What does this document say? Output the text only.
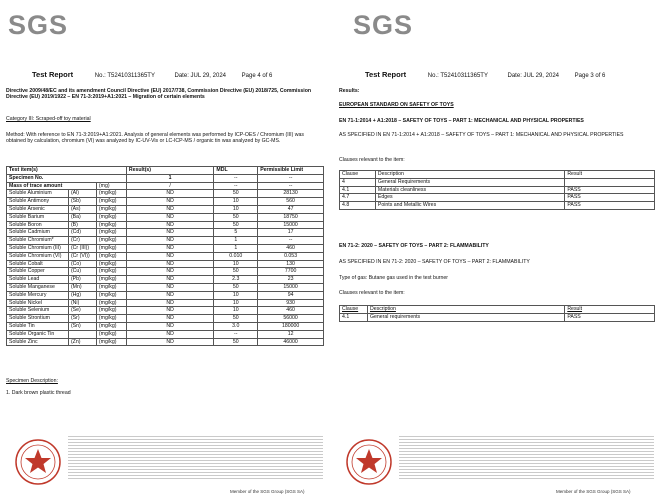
SGS
Test Report	No.: T52410311365TY	Date: JUL 29, 2024	Page 4 of 6
Directive 2009/48/EC and its amendment Council Directive (EU) 2017/738, Commission Directive (EU) 2018/725, Commission Directive (EU) 2019/1922 – EN 71-3:2019+A1:2021 – Migration of certain elements
Category III: Scraped-off toy material
Method: With reference to EN 71-3:2019+A1:2021. Analysis of general elements was performed by ICP-OES / Chromium (III) was obtained by calculation, chromium (VI) was analyzed by IC-UV-Vis or LC-ICP-MS / organic tin was analyzed by GC-MS.
Test item(s)			Result(s)	MDL	Permissible Limit
Specimen No.			1	--	--
Mass of trace amount		(mg)	/	--	--
Soluble Aluminium	(Al)	(mg/kg)	ND	50	28130
Soluble Antimony	(Sb)	(mg/kg)	ND	10	560
Soluble Arsenic	(As)	(mg/kg)	ND	10	47
Soluble Barium	(Ba)	(mg/kg)	ND	50	18750
Soluble Boron	(B)	(mg/kg)	ND	50	15000
Soluble Cadmium	(Cd)	(mg/kg)	ND	5	17
Soluble Chromium*	(Cr)	(mg/kg)	ND	1	--
Soluble Chromium (III)	(Cr (III))	(mg/kg)	ND	1	460
Soluble Chromium (VI)	(Cr (VI))	(mg/kg)	ND	0.010	0.053
Soluble Cobalt	(Co)	(mg/kg)	ND	10	130
Soluble Copper	(Cu)	(mg/kg)	ND	50	7700
Soluble Lead	(Pb)	(mg/kg)	ND	2.3	23
Soluble Manganese	(Mn)	(mg/kg)	ND	50	15000
Soluble Mercury	(Hg)	(mg/kg)	ND	10	94
Soluble Nickel	(Ni)	(mg/kg)	ND	10	930
Soluble Selenium	(Se)	(mg/kg)	ND	10	460
Soluble Strontium	(Sr)	(mg/kg)	ND	50	56000
Soluble Tin	(Sn)	(mg/kg)	ND	3.0	180000
Soluble Organic Tin		(mg/kg)	ND	--	12
Soluble Zinc	(Zn)	(mg/kg)	ND	50	46000
Specimen Description:
1. Dark brown plastic thread
Member of the SGS Group (SGS SA)
SGS
Test Report	No.: T52410311365TY	Date: JUL 29, 2024	Page 3 of 6
Results:
EUROPEAN STANDARD ON SAFETY OF TOYS
EN 71-1:2014 + A1:2018 – SAFETY OF TOYS – PART 1: MECHANICAL AND PHYSICAL PROPERTIES
AS SPECIFIED IN EN 71-1:2014 + A1:2018 – SAFETY OF TOYS – PART 1: MECHANICAL AND PHYSICAL PROPERTIES
Clauses relevant to the item:
Clause	Description	Result
4	General Requirements	
4.1	Materials cleanliness	PASS
4.7	Edges	PASS
4.8	Points and Metallic Wires	PASS
EN 71-2: 2020 – SAFETY OF TOYS – PART 2: FLAMMABILITY
AS SPECIFIED IN EN 71-2: 2020 – SAFETY OF TOYS – PART 2: FLAMMABILITY
Type of gas: Butane gas used in the test burner
Clauses relevant to the item:
Clause	Description	Result
4.1	General requirements	PASS
Member of the SGS Group (SGS SA)
